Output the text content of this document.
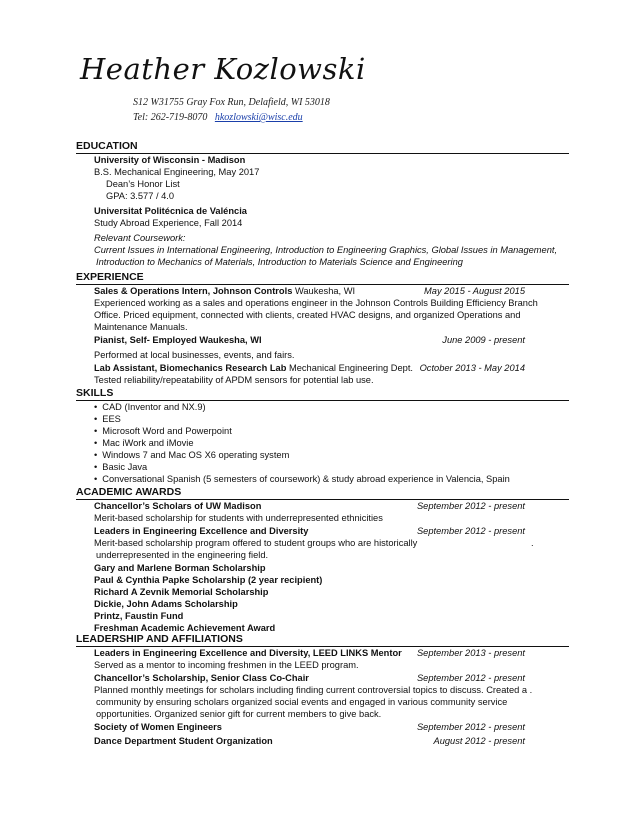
Heather Kozlowski
S12 W31755 Gray Fox Run, Delafield, WI 53018
Tel: 262-719-8070 hkozlowski@wisc.edu
EDUCATION
University of Wisconsin - Madison
B.S. Mechanical Engineering, May 2017
Dean’s Honor List
GPA: 3.577 / 4.0
Universitat Politécnica de Valéncia
Study Abroad Experience, Fall 2014
Relevant Coursework:
Current Issues in International Engineering, Introduction to Engineering Graphics, Global Issues in Management,
Introduction to Mechanics of Materials, Introduction to Materials Science and Engineering
EXPERIENCE
Sales & Operations Intern, Johnson Controls Waukesha, WI	May 2015 - August 2015
Experienced working as a sales and operations engineer in the Johnson Controls Building Efficiency Branch
Office. Priced equipment, connected with clients, created HVAC designs, and organized Operations and
Maintenance Manuals.
Pianist, Self- Employed Waukesha, WI	June 2009 - present
Performed at local businesses, events, and fairs.
Lab Assistant, Biomechanics Research Lab Mechanical Engineering Dept. October 2013 - May 2014
Tested reliability/repeatability of APDM sensors for potential lab use.
SKILLS
• CAD (Inventor and NX.9)
• EES
• Microsoft Word and Powerpoint
• Mac iWork and iMovie
• Windows 7 and Mac OS X6 operating system
• Basic Java
• Conversational Spanish (5 semesters of coursework) & study abroad experience in Valencia, Spain
ACADEMIC AWARDS
Chancellor’s Scholars of UW Madison	September 2012 - present
Merit-based scholarship for students with underrepresented ethnicities
Leaders in Engineering Excellence and Diversity	September 2012 - present
Merit-based scholarship program offered to student groups who are historically	.
underrepresented in the engineering field.
Gary and Marlene Borman Scholarship
Paul & Cynthia Papke Scholarship (2 year recipient)
Richard A Zevnik Memorial Scholarship
Dickie, John Adams Scholarship
Printz, Faustin Fund
Freshman Academic Achievement Award
LEADERSHIP AND AFFILIATIONS
Leaders in Engineering Excellence and Diversity, LEED LINKS Mentor September 2013 - present
Served as a mentor to incoming freshmen in the LEED program.
Chancellor’s Scholarship, Senior Class Co-Chair	September 2012 - present
Planned monthly meetings for scholars including finding current controversial topics to discuss. Created a .
community by ensuring scholars organized social events and engaged in various community service
opportunities. Organized senior gift for current members to give back.
Society of Women Engineers	September 2012 - present
Dance Department Student Organization	August 2012 - present
